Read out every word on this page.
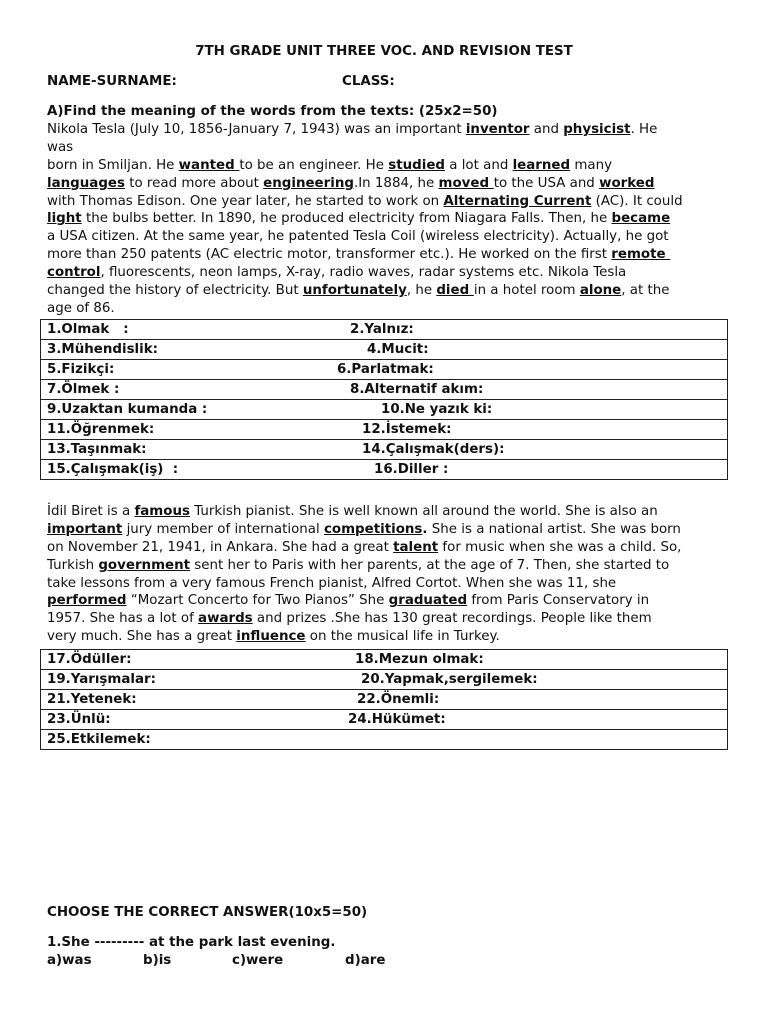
7TH GRADE UNIT THREE VOC. AND REVISION TEST
NAME-SURNAME:	CLASS:
A)Find the meaning of the words from the texts: (25x2=50)
Nikola Tesla (July 10, 1856-January 7, 1943) was an important inventor and physicist. He
was
born in Smiljan. He wanted to be an engineer. He studied a lot and learned many
languages to read more about engineering.In 1884, he moved to the USA and worked
with Thomas Edison. One year later, he started to work on Alternating Current (AC). It could
light the bulbs better. In 1890, he produced electricity from Niagara Falls. Then, he became
a USA citizen. At the same year, he patented Tesla Coil (wireless electricity). Actually, he got
more than 250 patents (AC electric motor, transformer etc.). He worked on the first remote
control, fluorescents, neon lamps, X-ray, radio waves, radar systems etc. Nikola Tesla
changed the history of electricity. But unfortunately, he died in a hotel room alone, at the
age of 86.
1.Olmak   :	2.Yalnız:

3.Mühendislik:	4.Mucit:

5.Fizikçi:	6.Parlatmak:

7.Ölmek :	8.Alternatif akım:

9.Uzaktan kumanda :	10.Ne yazık ki:

11.Öğrenmek:	12.İstemek:

13.Taşınmak:	14.Çalışmak(ders):

15.Çalışmak(iş)  :	16.Diller :
İdil Biret is a famous Turkish pianist. She is well known all around the world. She is also an
important jury member of international competitions. She is a national artist. She was born
on November 21, 1941, in Ankara. She had a great talent for music when she was a child. So,
Turkish government sent her to Paris with her parents, at the age of 7. Then, she started to
take lessons from a very famous French pianist, Alfred Cortot. When she was 11, she
performed “Mozart Concerto for Two Pianos” She graduated from Paris Conservatory in
1957. She has a lot of awards and prizes .She has 130 great recordings. People like them
very much. She has a great influence on the musical life in Turkey.
17.Ödüller:	18.Mezun olmak:

19.Yarışmalar:	20.Yapmak,sergilemek:

21.Yetenek:	22.Önemli:

23.Ünlü:	24.Hükümet:

25.Etkilemek:
CHOOSE THE CORRECT ANSWER(10x5=50)
1.She --------- at the park last evening.
a)was	b)is	c)were	d)are
